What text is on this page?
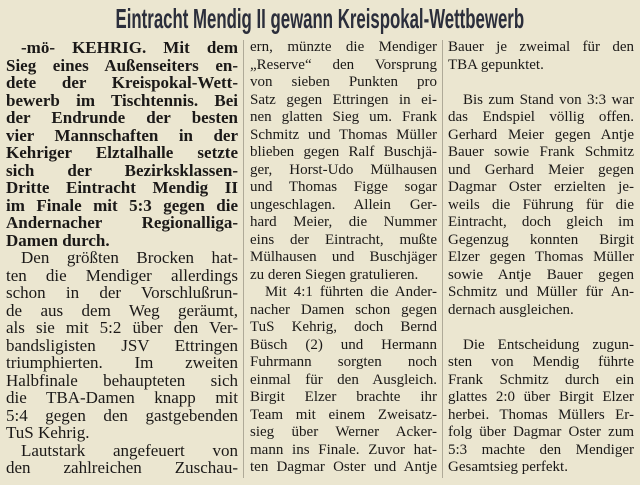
Eintracht Mendig II gewann Kreispokal-Wettbewerb
-mö- KEHRIG. Mit dem
Sieg eines Außenseiters en-
dete der Kreispokal-Wett-
bewerb im Tischtennis. Bei
der Endrunde der besten
vier Mannschaften in der
Kehriger Elztalhalle setzte
sich der Bezirksklassen-
Dritte Eintracht Mendig II
im Finale mit 5:3 gegen die
Andernacher Regionalliga-
Damen durch.
Den größten Brocken hat-
ten die Mendiger allerdings
schon in der Vorschlußrun-
de aus dem Weg geräumt,
als sie mit 5:2 über den Ver-
bandsligisten JSV Ettringen
triumphierten. Im zweiten
Halbfinale behaupteten sich
die TBA-Damen knapp mit
5:4 gegen den gastgebenden
TuS Kehrig.
Lautstark angefeuert von
den zahlreichen Zuschau-
ern, münzte die Mendiger
„Reserve“ den Vorsprung
von sieben Punkten pro
Satz gegen Ettringen in ei-
nen glatten Sieg um. Frank
Schmitz und Thomas Müller
blieben gegen Ralf Buschjä-
ger, Horst-Udo Mülhausen
und Thomas Figge sogar
ungeschlagen. Allein Ger-
hard Meier, die Nummer
eins der Eintracht, mußte
Mülhausen und Buschjäger
zu deren Siegen gratulieren.
Mit 4:1 führten die Ander-
nacher Damen schon gegen
TuS Kehrig, doch Bernd
Büsch (2) und Hermann
Fuhrmann sorgten noch
einmal für den Ausgleich.
Birgit Elzer brachte ihr
Team mit einem Zweisatz-
sieg über Werner Acker-
mann ins Finale. Zuvor hat-
ten Dagmar Oster und Antje
Bauer je zweimal für den
TBA gepunktet.
Bis zum Stand von 3:3 war
das Endspiel völlig offen.
Gerhard Meier gegen Antje
Bauer sowie Frank Schmitz
und Gerhard Meier gegen
Dagmar Oster erzielten je-
weils die Führung für die
Eintracht, doch gleich im
Gegenzug konnten Birgit
Elzer gegen Thomas Müller
sowie Antje Bauer gegen
Schmitz und Müller für An-
dernach ausgleichen.
Die Entscheidung zugun-
sten von Mendig führte
Frank Schmitz durch ein
glattes 2:0 über Birgit Elzer
herbei. Thomas Müllers Er-
folg über Dagmar Oster zum
5:3 machte den Mendiger
Gesamtsieg perfekt.
